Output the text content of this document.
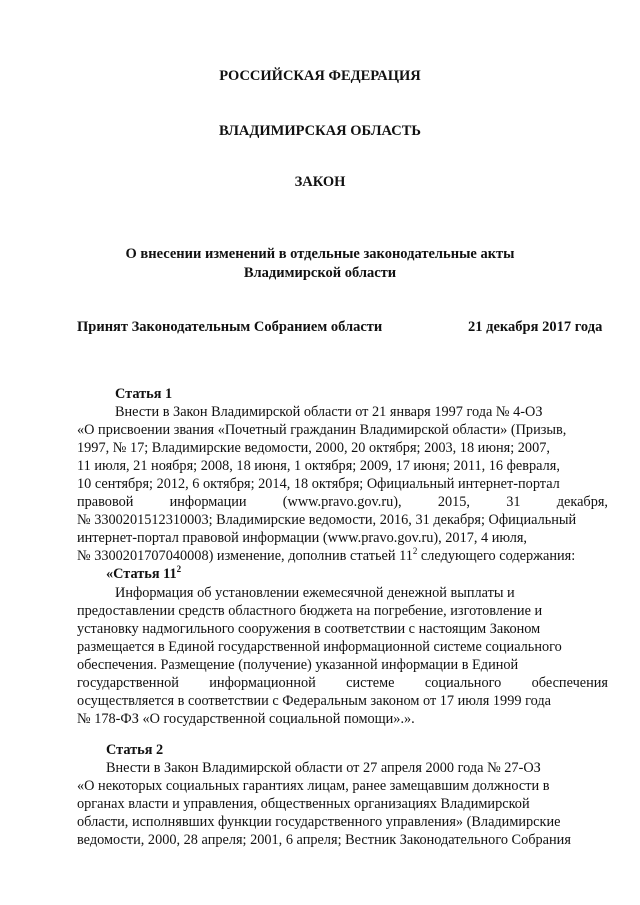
РОССИЙСКАЯ ФЕДЕРАЦИЯ
ВЛАДИМИРСКАЯ ОБЛАСТЬ
ЗАКОН
О внесении изменений в отдельные законодательные акты
Владимирской области
Принят Законодательным Собранием области	21 декабря 2017 года
Статья 1
Внести в Закон Владимирской области от 21 января 1997 года № 4-ОЗ
«О присвоении звания «Почетный гражданин Владимирской области» (Призыв,
1997, № 17; Владимирские ведомости, 2000, 20 октября; 2003, 18 июня; 2007,
11 июля, 21 ноября; 2008, 18 июня, 1 октября; 2009, 17 июня; 2011, 16 февраля,
10 сентября; 2012, 6 октября; 2014, 18 октября; Официальный интернет-портал
правовой	информации	(www.pravo.gov.ru),	2015,	31	декабря,
№ 3300201512310003; Владимирские ведомости, 2016, 31 декабря; Официальный
интернет-портал правовой информации (www.pravo.gov.ru), 2017, 4 июля,
№ 3300201707040008) изменение, дополнив статьей $11^2$ следующего содержания:
«Статья $11^2$
Информация об установлении ежемесячной денежной выплаты и
предоставлении средств областного бюджета на погребение, изготовление и
установку надмогильного сооружения в соответствии с настоящим Законом
размещается в Единой государственной информационной системе социального
обеспечения. Размещение (получение) указанной информации в Единой
государственной информационной системе социального обеспечения
осуществляется в соответствии с Федеральным законом от 17 июля 1999 года
№ 178-ФЗ «О государственной социальной помощи».».
Статья 2
Внести в Закон Владимирской области от 27 апреля 2000 года № 27-ОЗ
«О некоторых социальных гарантиях лицам, ранее замещавшим должности в
органах власти и управления, общественных организациях Владимирской
области, исполнявших функции государственного управления» (Владимирские
ведомости, 2000, 28 апреля; 2001, 6 апреля; Вестник Законодательного Собрания
